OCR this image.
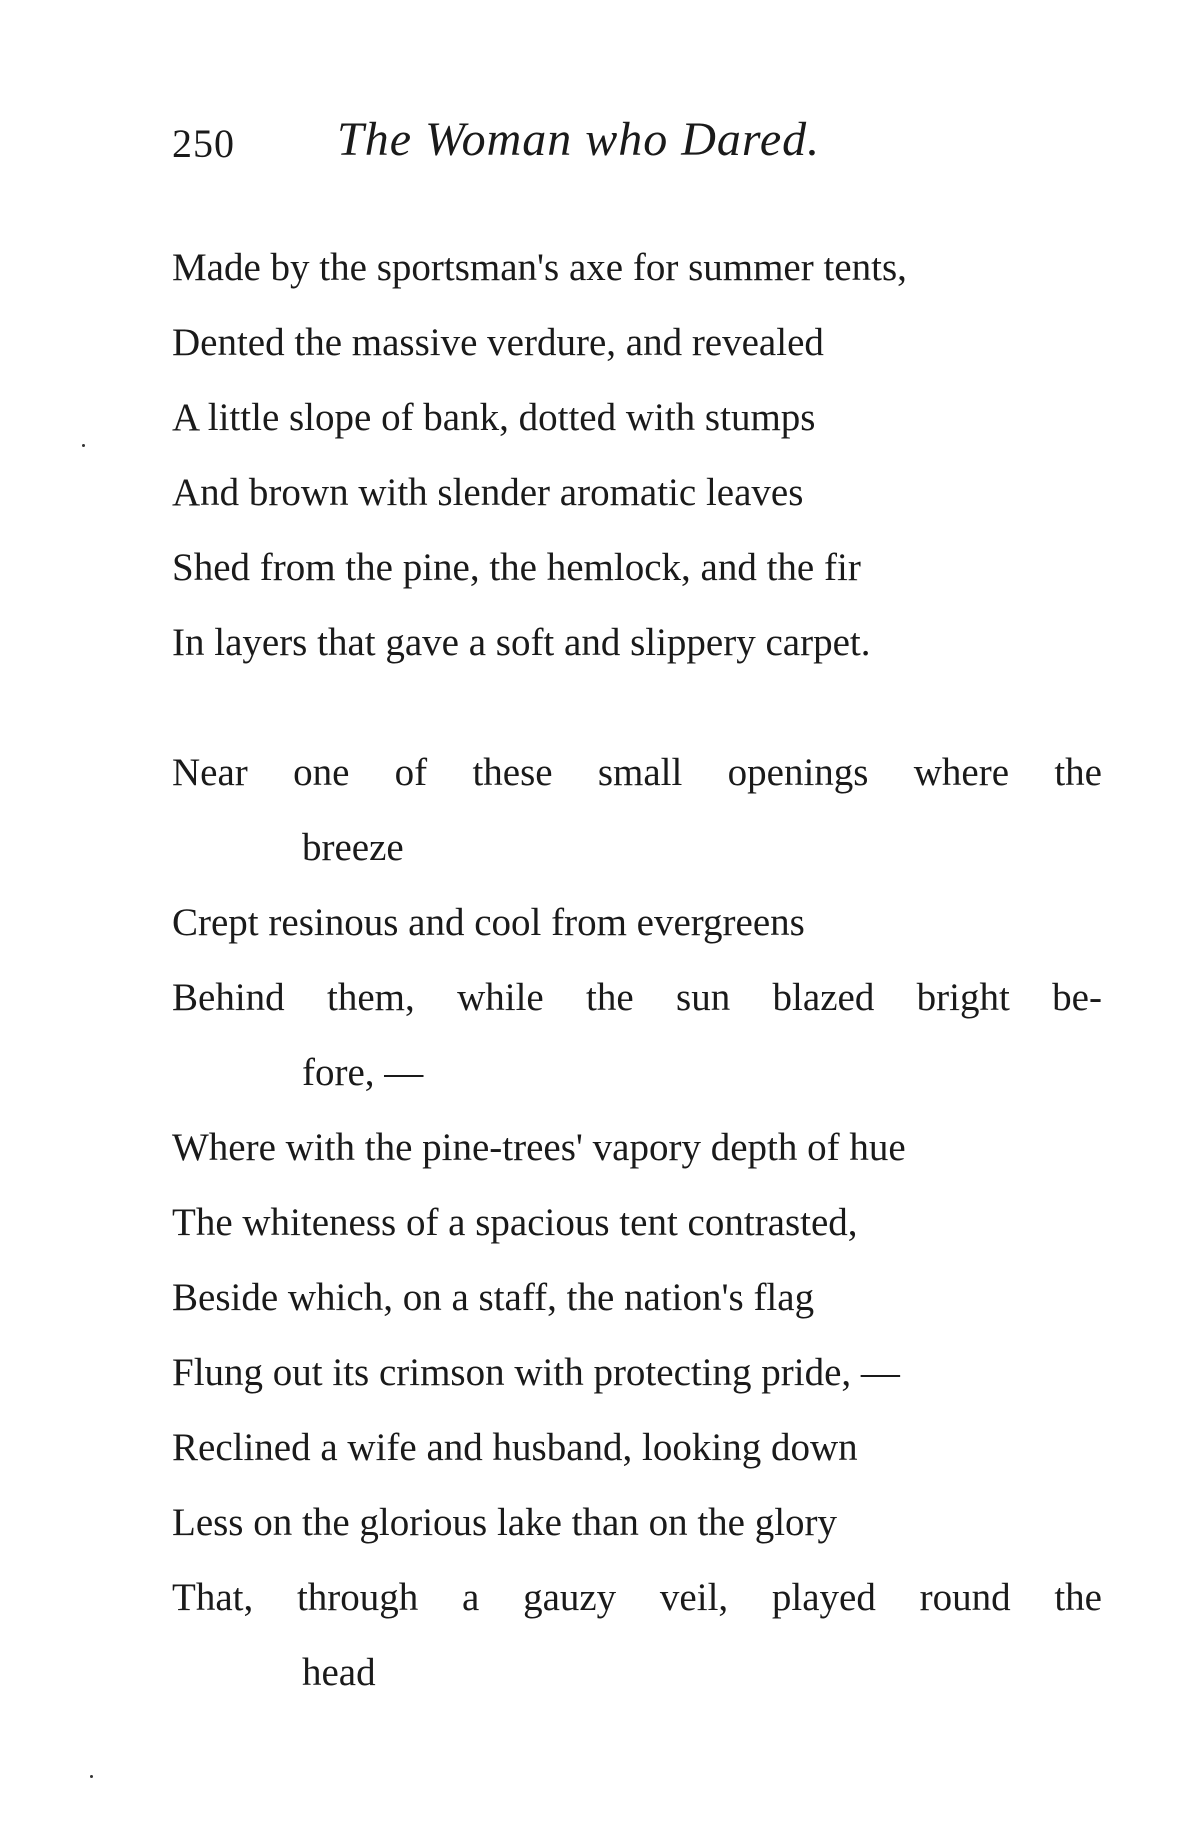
250 The Woman who Dared.
Made by the sportsman's axe for summer tents,
Dented the massive verdure, and revealed
A little slope of bank, dotted with stumps
And brown with slender aromatic leaves
Shed from the pine, the hemlock, and the fir
In layers that gave a soft and slippery carpet.
Near one of these small openings where the
breeze
Crept resinous and cool from evergreens
Behind them, while the sun blazed bright be-
fore, —
Where with the pine-trees' vapory depth of hue
The whiteness of a spacious tent contrasted,
Beside which, on a staff, the nation's flag
Flung out its crimson with protecting pride, —
Reclined a wife and husband, looking down
Less on the glorious lake than on the glory
That, through a gauzy veil, played round the
head
